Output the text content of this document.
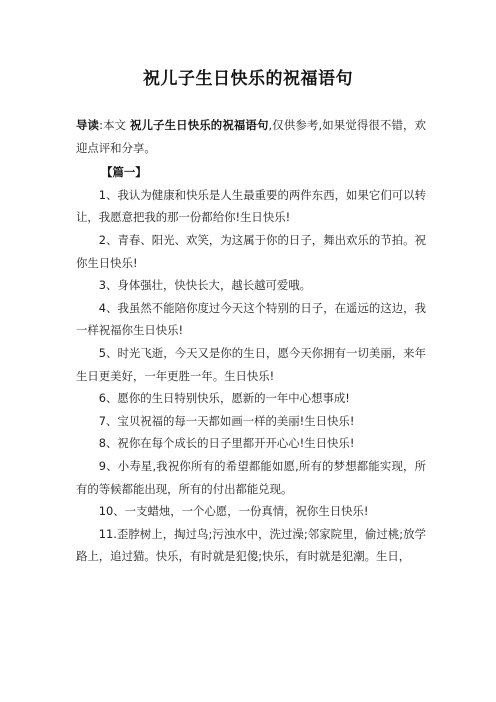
祝儿子生日快乐的祝福语句

导读:本文 祝儿子生日快乐的祝福语句,仅供参考,如果觉得很不错，欢迎点评和分享。

【篇一】

1、我认为健康和快乐是人生最重要的两件东西，如果它们可以转让，我愿意把我的那一份都给你!生日快乐!

2、青春、阳光、欢笑，为这属于你的日子，舞出欢乐的节拍。祝你生日快乐!

3、身体强壮，快快长大，越长越可爱哦。

4、我虽然不能陪你度过今天这个特别的日子，在遥远的这边，我一样祝福你生日快乐!

5、时光飞逝，今天又是你的生日，愿今天你拥有一切美丽，来年生日更美好，一年更胜一年。生日快乐!

6、愿你的生日特别快乐，愿新的一年中心想事成!

7、宝贝祝福的每一天都如画一样的美丽!生日快乐!

8、祝你在每个成长的日子里都开开心心!生日快乐!

9、小寿星,我祝你所有的希望都能如愿,所有的梦想都能实现，所有的等候都能出现，所有的付出都能兑现。

10、一支蜡烛，一个心愿，一份真情，祝你生日快乐!

11.歪脖树上，掏过鸟;污浊水中，洗过澡;邻家院里，偷过桃;放学路上，追过猫。快乐，有时就是犯傻;快乐，有时就是犯潮。生日，
